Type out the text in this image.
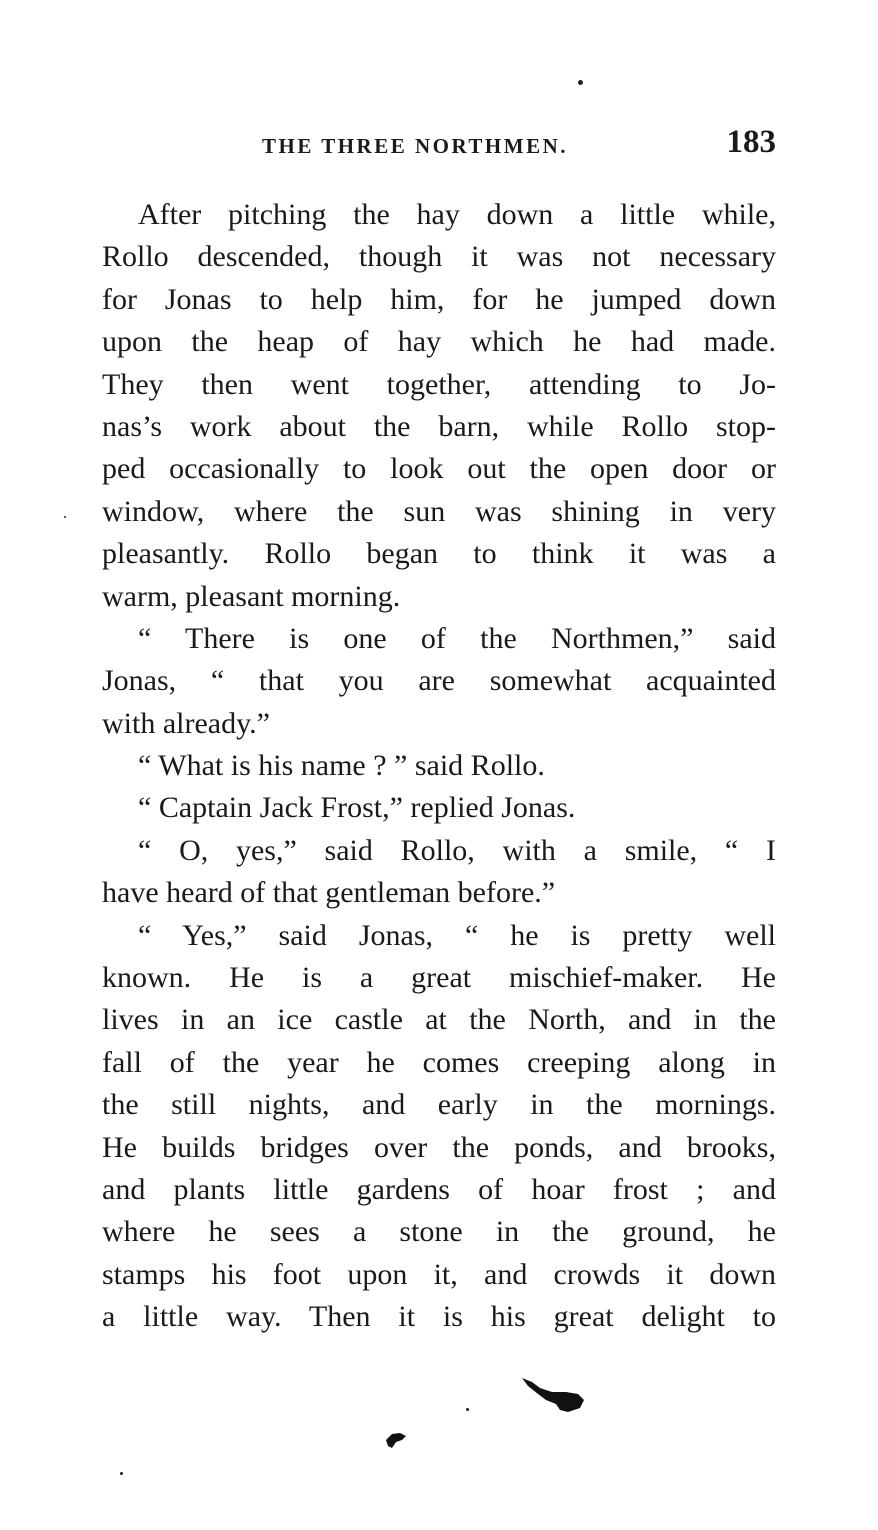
THE THREE NORTHMEN.	183
After pitching the hay down a little while,
Rollo descended, though it was not necessary
for Jonas to help him, for he jumped down
upon the heap of hay which he had made.
They then went together, attending to Jo-
nas’s work about the barn, while Rollo stop-
ped occasionally to look out the open door or
window, where the sun was shining in very
pleasantly. Rollo began to think it was a
warm, pleasant morning.
“ There is one of the Northmen,” said
Jonas, “ that you are somewhat acquainted
with already.”
“ What is his name ? ” said Rollo.
“ Captain Jack Frost,” replied Jonas.
“ O, yes,” said Rollo, with a smile, “ I
have heard of that gentleman before.”
“ Yes,” said Jonas, “ he is pretty well
known. He is a great mischief-maker. He
lives in an ice castle at the North, and in the
fall of the year he comes creeping along in
the still nights, and early in the mornings.
He builds bridges over the ponds, and brooks,
and plants little gardens of hoar frost ; and
where he sees a stone in the ground, he
stamps his foot upon it, and crowds it down
a little way. Then it is his great delight to
